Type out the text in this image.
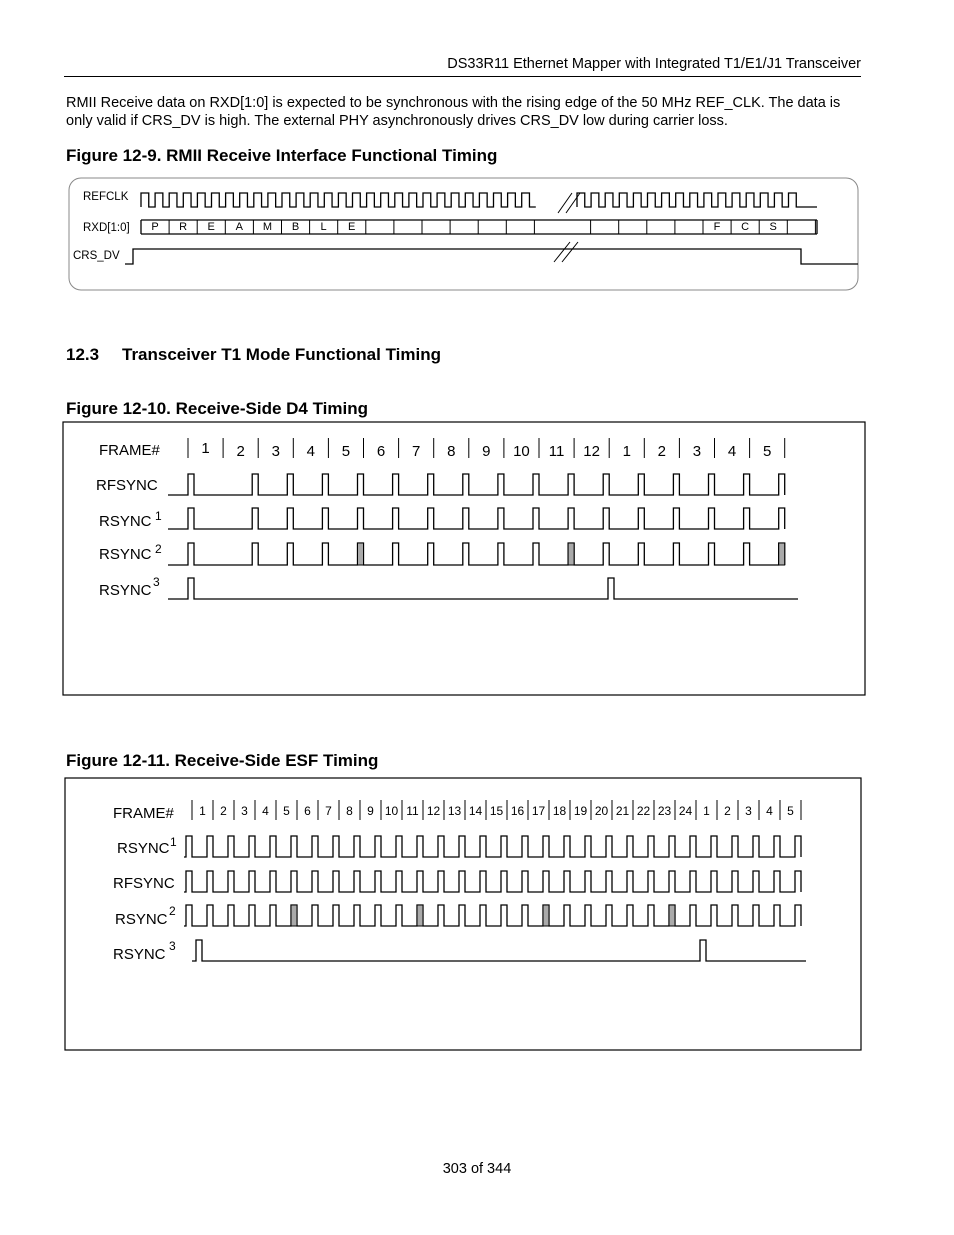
DS33R11 Ethernet Mapper with Integrated T1/E1/J1 Transceiver
RMII Receive data on RXD[1:0] is expected to be synchronous with the rising edge of the 50 MHz REF_CLK. The data is only valid if CRS_DV is high. The external PHY asynchronously drives CRS_DV low during carrier loss.
Figure 12-9. RMII Receive Interface Functional Timing
REFCLK
RXD[1:0]
CRS_DV
P R E A M B L E	F C S
12.3 Transceiver T1 Mode Functional Timing
Figure 12-10. Receive-Side D4 Timing
FRAME#
RFSYNC
RSYNC 1
RSYNC 2
RSYNC 3
1 2 3 4 5 6 7 8 9 10 11 12 1 2 3 4 5
Figure 12-11. Receive-Side ESF Timing
FRAME#
RSYNC 1
RFSYNC
RSYNC 2
RSYNC 3
1 2 3 4 5 6 7 8 9 10 11 12 13 14 15 16 17 18 19 20 21 22 23 24 1 2 3 4 5
303 of 344
